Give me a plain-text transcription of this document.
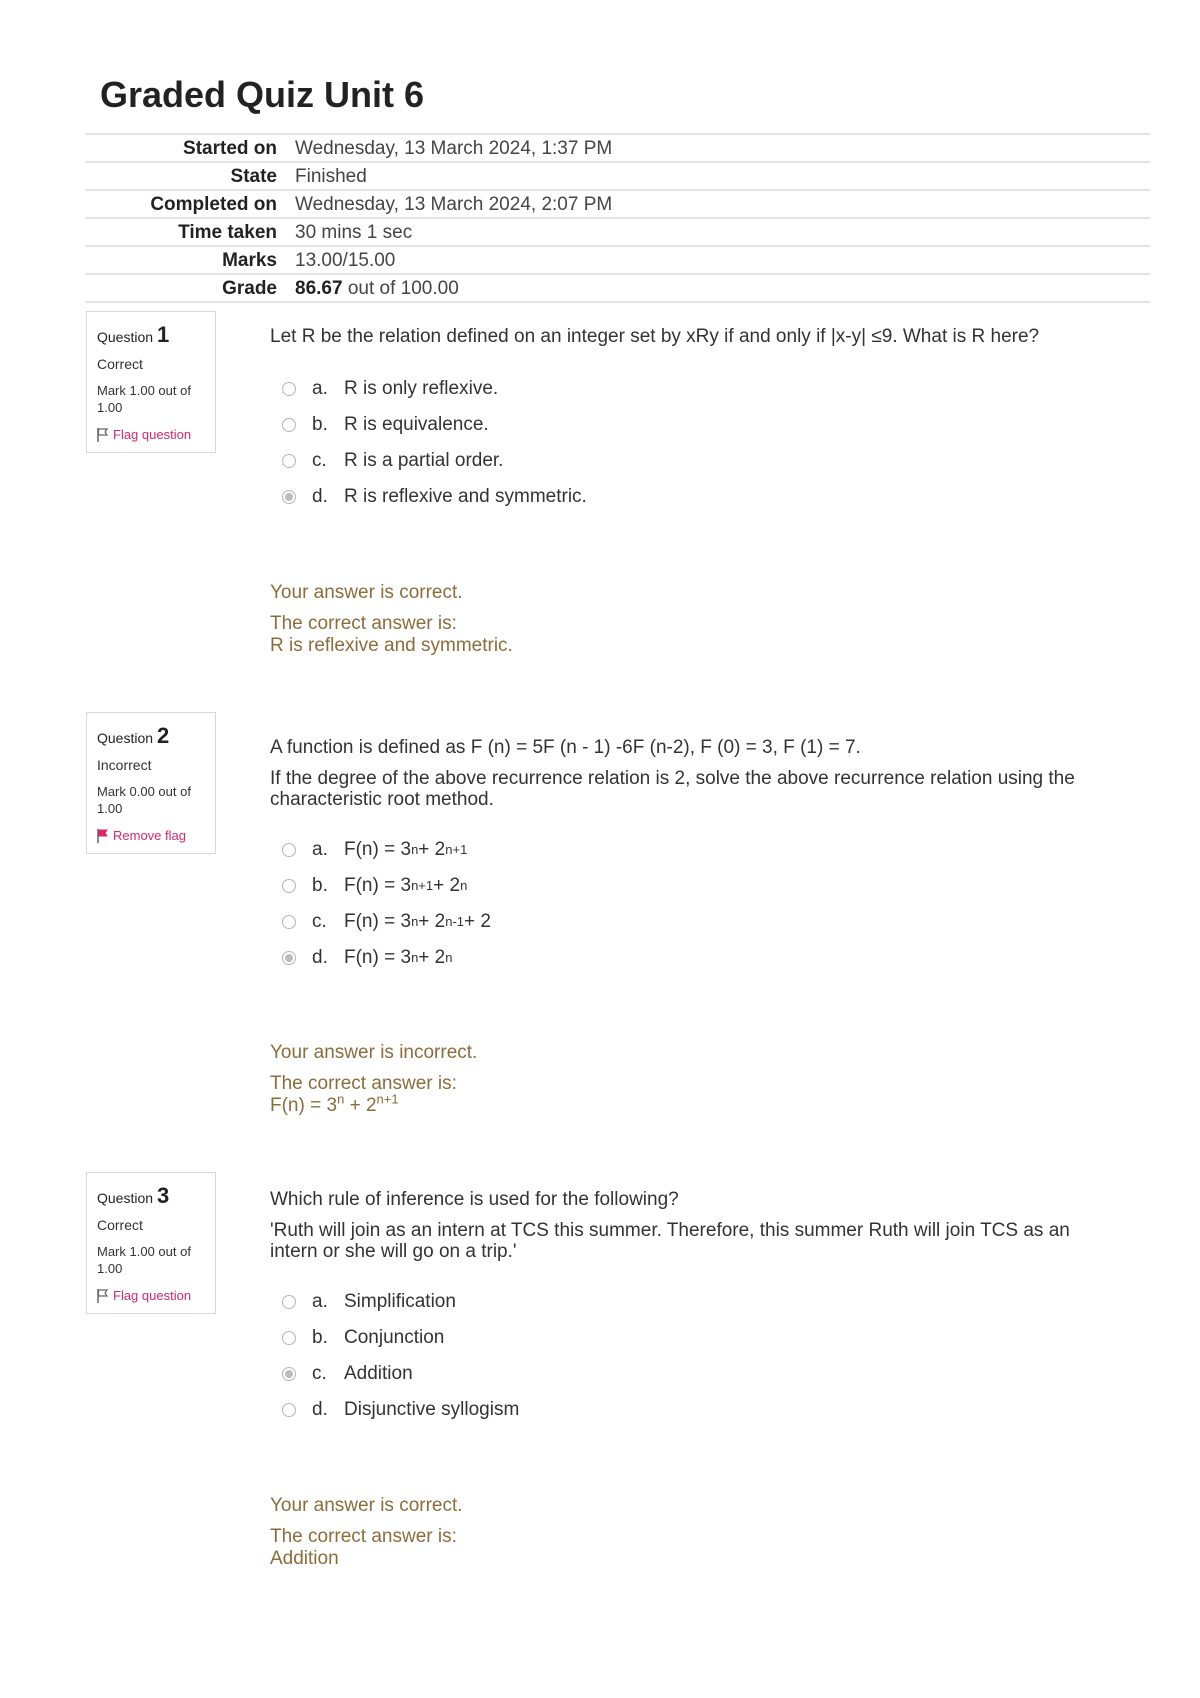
Graded Quiz Unit 6
Started on	Wednesday, 13 March 2024, 1:37 PM
State	Finished
Completed on	Wednesday, 13 March 2024, 2:07 PM
Time taken	30 mins 1 sec
Marks	13.00/15.00
Grade	86.67 out of 100.00
Question 1
Correct
Mark 1.00 out of 1.00
Flag question

Let R be the relation defined on an integer set by xRy if and only if |x-y| ≤9. What is R here?

a. R is only reflexive.
b. R is equivalence.
c. R is a partial order.
d. R is reflexive and symmetric.
Your answer is correct.
The correct answer is:
R is reflexive and symmetric.
Question 2
Incorrect
Mark 0.00 out of 1.00
Remove flag

A function is defined as F (n) = 5F (n - 1) -6F (n-2), F (0) = 3, F (1) = 7.

If the degree of the above recurrence relation is 2, solve the above recurrence relation using the characteristic root method.

a. F(n) = 3 n + 2 n+1
b. F(n) = 3 n+1 + 2 n
c. F(n) = 3 n + 2 n-1 + 2
d. F(n) = 3 n + 2 n
Your answer is incorrect.
The correct answer is:
$F(n) = 3^n + 2^{n+1}$
Question 3
Correct
Mark 1.00 out of 1.00
Flag question

Which rule of inference is used for the following?

'Ruth will join as an intern at TCS this summer. Therefore, this summer Ruth will join TCS as an intern or she will go on a trip.'

a. Simplification
b. Conjunction
c. Addition
d. Disjunctive syllogism
Your answer is correct.
The correct answer is:
Addition
